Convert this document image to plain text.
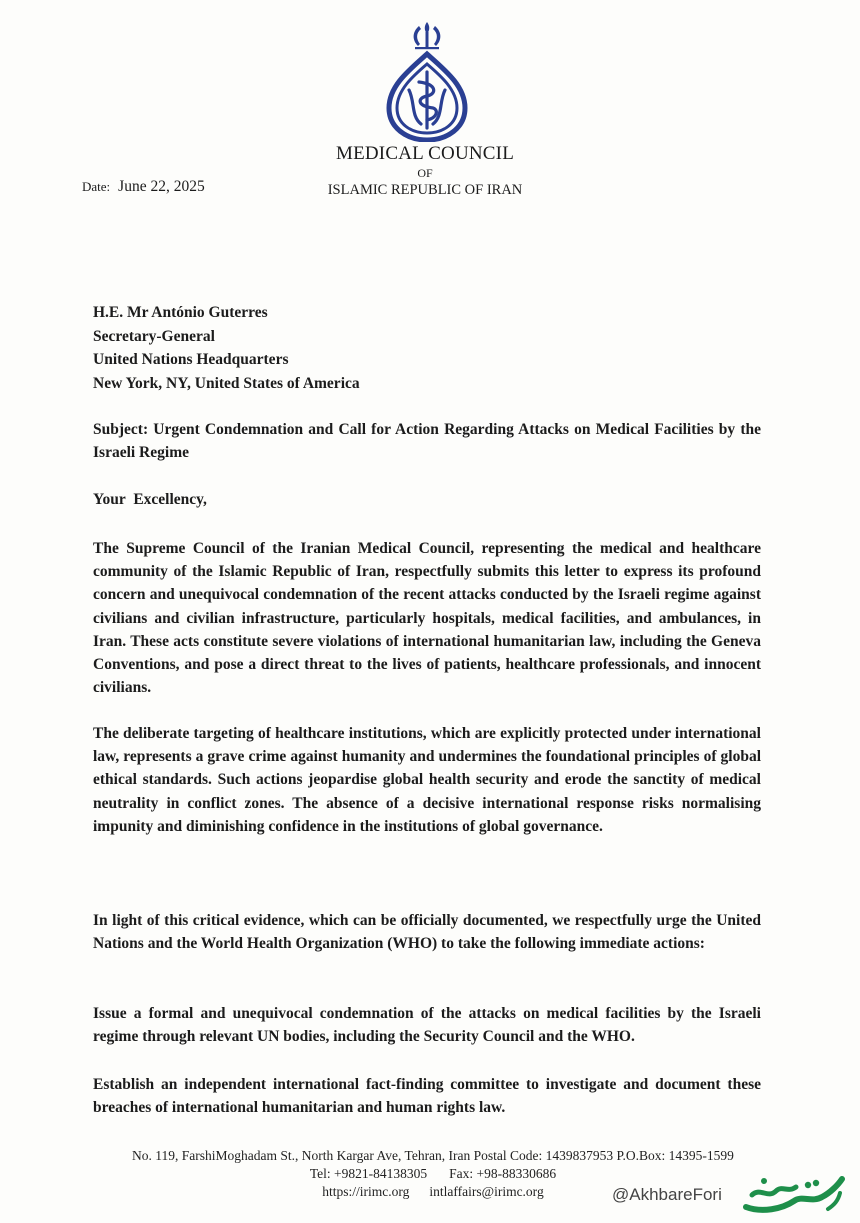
MEDICAL COUNCIL
OF
ISLAMIC REPUBLIC OF IRAN
Date: June 22, 2025
H.E. Mr António Guterres
Secretary-General
United Nations Headquarters
New York, NY, United States of America
Subject: Urgent Condemnation and Call for Action Regarding Attacks on Medical Facilities by the Israeli Regime
Your Excellency,
The Supreme Council of the Iranian Medical Council, representing the medical and healthcare community of the Islamic Republic of Iran, respectfully submits this letter to express its profound concern and unequivocal condemnation of the recent attacks conducted by the Israeli regime against civilians and civilian infrastructure, particularly hospitals, medical facilities, and ambulances, in Iran. These acts constitute severe violations of international humanitarian law, including the Geneva Conventions, and pose a direct threat to the lives of patients, healthcare professionals, and innocent civilians.
The deliberate targeting of healthcare institutions, which are explicitly protected under international law, represents a grave crime against humanity and undermines the foundational principles of global ethical standards. Such actions jeopardise global health security and erode the sanctity of medical neutrality in conflict zones. The absence of a decisive international response risks normalising impunity and diminishing confidence in the institutions of global governance.
In light of this critical evidence, which can be officially documented, we respectfully urge the United Nations and the World Health Organization (WHO) to take the following immediate actions:
Issue a formal and unequivocal condemnation of the attacks on medical facilities by the Israeli regime through relevant UN bodies, including the Security Council and the WHO.
Establish an independent international fact-finding committee to investigate and document these breaches of international humanitarian and human rights law.
No. 119, FarshiMoghadam St., North Kargar Ave, Tehran, Iran Postal Code: 1439837953 P.O.Box: 14395-1599
Tel: +9821-84138305 Fax: +98-88330686
https://irimc.org intlaffairs@irimc.org	@AkhbareFori
